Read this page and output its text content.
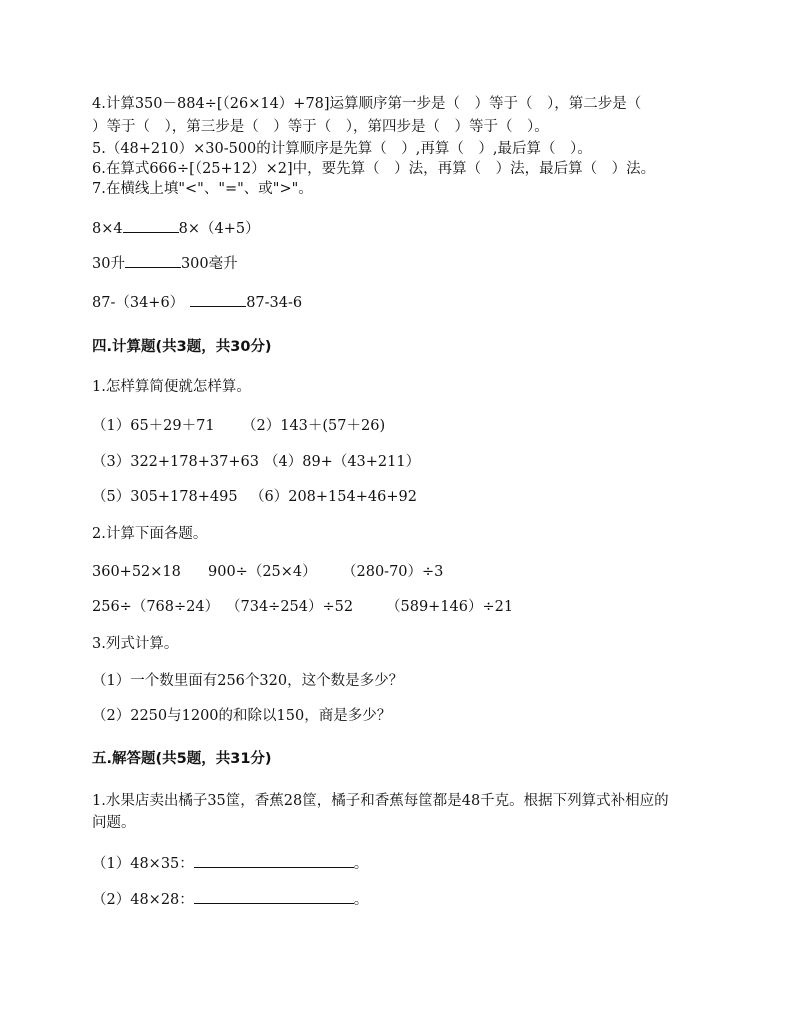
4.计算350－884÷[（26×14）+78]运算顺序第一步是（　）等于（　），第二步是（
）等于（　），第三步是（　）等于（　），第四步是（　）等于（　）。
5.（48+210）×30-500的计算顺序是先算（　）,再算（　）,最后算（　）。
6.在算式666÷[（25+12）×2]中，要先算（　）法，再算（　）法，最后算（　）法。
7.在横线上填"<"、"="、或">"。
8×4	8×（4+5）
30升	300毫升
87-（34+6）	87-34-6
四.计算题(共3题，共30分)
1.怎样算简便就怎样算。
（1）65＋29＋71 （2）143＋(57＋26)
（3）322+178+37+63 （4）89+（43+211）
（5）305+178+495 （6）208+154+46+92
2.计算下面各题。
360+52×18 900÷（25×4） （280-70）÷3
256÷（768÷24） （734÷254）÷52 （589+146）÷21
3.列式计算。
（1）一个数里面有256个320，这个数是多少？
（2）2250与1200的和除以150，商是多少？
五.解答题(共5题，共31分)
1.水果店卖出橘子35筐，香蕉28筐，橘子和香蕉每筐都是48千克。根据下列算式补相应的
问题。
（1）48×35：	。
（2）48×28：	。
